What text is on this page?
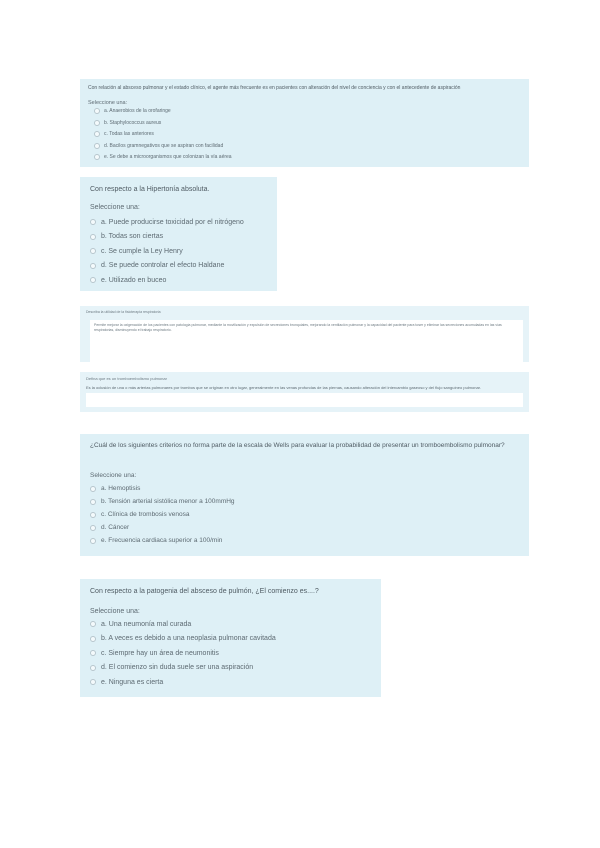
Con relación al absceso pulmonar y el estado clínico, el agente más frecuente es en pacientes con alteración del nivel de conciencia y con el antecedente de aspiración

Seleccione una:
a. Anaerobios de la orofaringe
b. Staphylococcus aureus
c. Todas las anteriores
d. Bacilos gramnegativos que se aspiran con facilidad
e. Se debe a microorganismos que colonizan la vía aérea

Con respecto a la Hipertonía absoluta.

Seleccione una:
a. Puede producirse toxicidad por el nitrógeno
b. Todas son ciertas
c. Se cumple la Ley Henry
d. Se puede controlar el efecto Haldane
e. Utilizado en buceo

Describa la utilidad de la fisioterapia respiratoria

Permite mejorar la oxigenación de los pacientes con patología pulmonar, mediante la movilización y expulsión de secreciones bronquiales, mejorando la ventilación pulmonar y la capacidad del paciente para toser y eliminar las secreciones acumuladas en las vías respiratorias, disminuyendo el trabajo respiratorio.

Defina que es un tromboembolismo pulmonar

Es la oclusión de una o más arterias pulmonares por trombos que se originan en otro lugar, generalmente en las venas profundas de las piernas, causando alteración del intercambio gaseoso y del flujo sanguíneo pulmonar.

¿Cuál de los siguientes criterios no forma parte de la escala de Wells para evaluar la probabilidad de presentar un tromboembolismo pulmonar?

Seleccione una:
a. Hemoptisis
b. Tensión arterial sistólica menor a 100mmHg
c. Clínica de trombosis venosa
d. Cáncer
e. Frecuencia cardiaca superior a 100/min

Con respecto a la patogenia del absceso de pulmón, ¿El comienzo es....?

Seleccione una:
a. Una neumonía mal curada
b. A veces es debido a una neoplasia pulmonar cavitada
c. Siempre hay un área de neumonitis
d. El comienzo sin duda suele ser una aspiración
e. Ninguna es cierta
